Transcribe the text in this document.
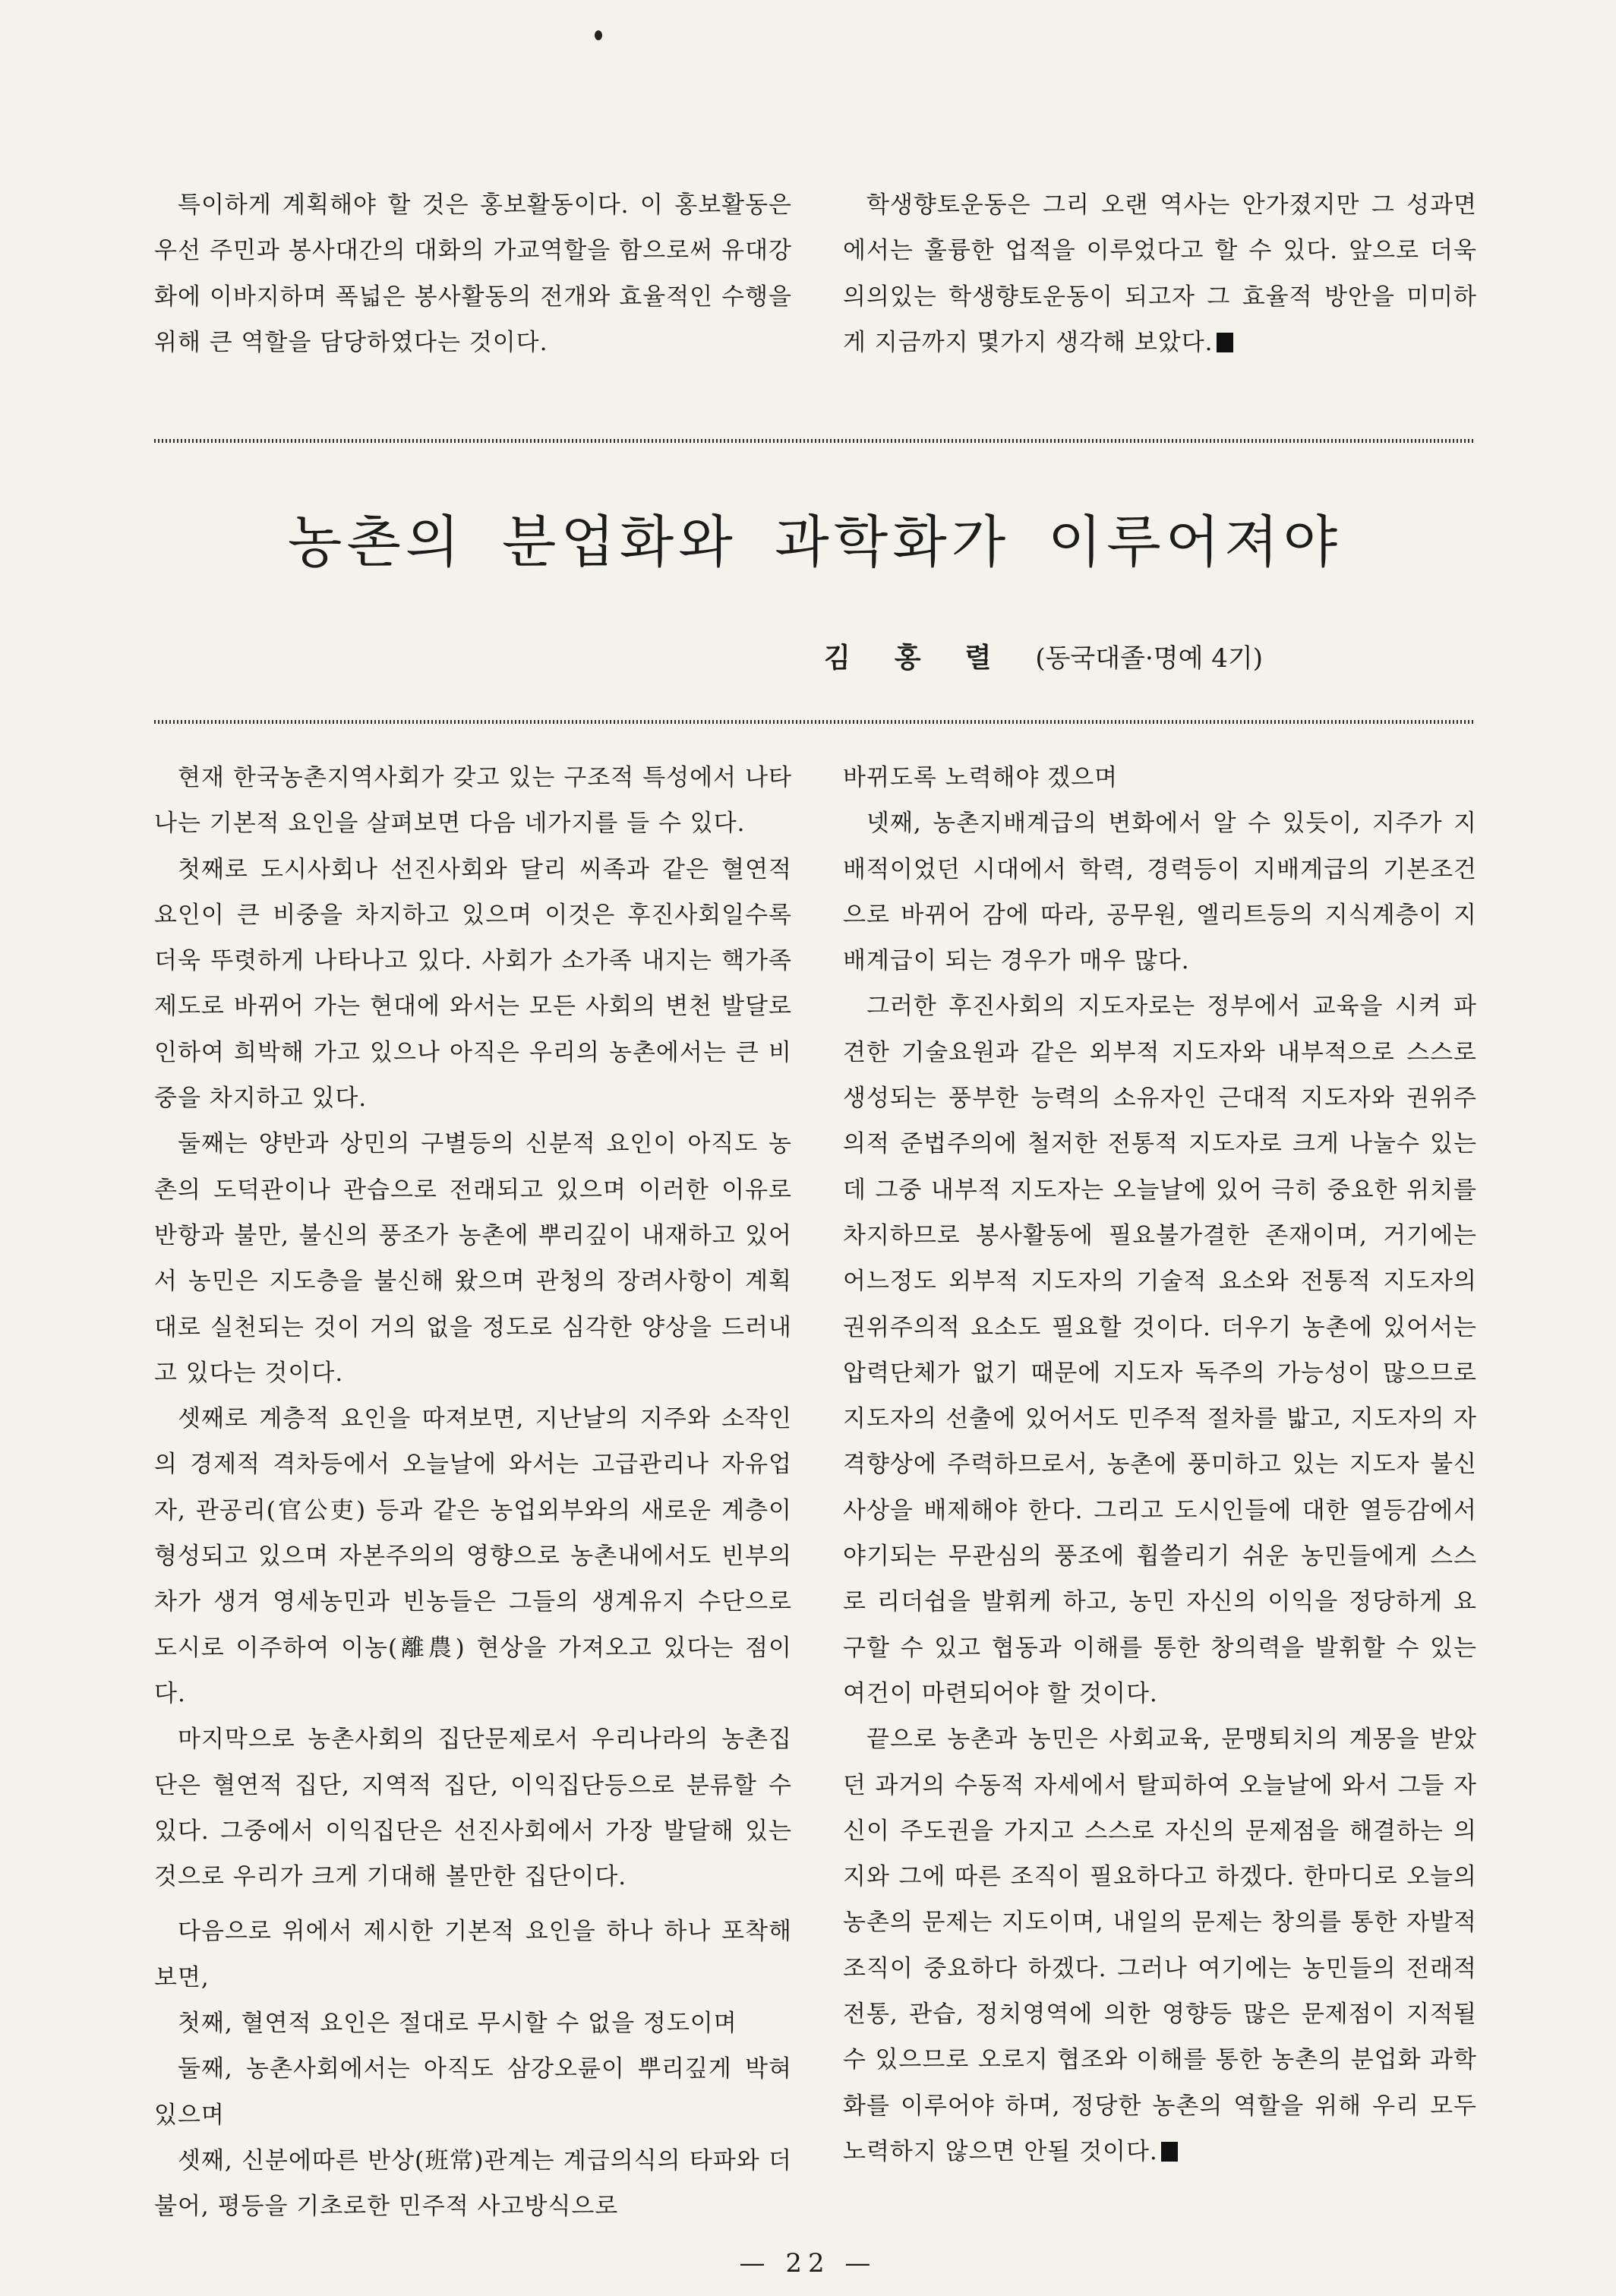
특이하게 계획해야 할 것은 홍보활동이다. 이 홍보활동은 우선 주민과 봉사대간의 대화의 가교역할을 함으로써 유대강화에 이바지하며 폭넓은 봉사활동의 전개와 효율적인 수행을 위해 큰 역할을 담당하였다는 것이다.

학생향토운동은 그리 오랜 역사는 안가졌지만 그 성과면에서는 훌륭한 업적을 이루었다고 할 수 있다. 앞으로 더욱 의의있는 학생향토운동이 되고자 그 효율적 방안을 미미하게 지금까지 몇가지 생각해 보았다.

농촌의 분업화와 과학화가 이루어져야
김홍렬(동국대졸·명예 4기)

현재 한국농촌지역사회가 갖고 있는 구조적 특성에서 나타나는 기본적 요인을 살펴보면 다음 네가지를 들 수 있다.

첫째로 도시사회나 선진사회와 달리 씨족과 같은 혈연적 요인이 큰 비중을 차지하고 있으며 이것은 후진사회일수록 더욱 뚜렷하게 나타나고 있다. 사회가 소가족 내지는 핵가족제도로 바뀌어 가는 현대에 와서는 모든 사회의 변천 발달로 인하여 희박해 가고 있으나 아직은 우리의 농촌에서는 큰 비중을 차지하고 있다.

둘째는 양반과 상민의 구별등의 신분적 요인이 아직도 농촌의 도덕관이나 관습으로 전래되고 있으며 이러한 이유로 반항과 불만, 불신의 풍조가 농촌에 뿌리깊이 내재하고 있어서 농민은 지도층을 불신해 왔으며 관청의 장려사항이 계획대로 실천되는 것이 거의 없을 정도로 심각한 양상을 드러내고 있다는 것이다.

셋째로 계층적 요인을 따져보면, 지난날의 지주와 소작인의 경제적 격차등에서 오늘날에 와서는 고급관리나 자유업자, 관공리(官公吏) 등과 같은 농업외부와의 새로운 계층이 형성되고 있으며 자본주의의 영향으로 농촌내에서도 빈부의 차가 생겨 영세농민과 빈농들은 그들의 생계유지 수단으로 도시로 이주하여 이농(離農) 현상을 가져오고 있다는 점이다.

마지막으로 농촌사회의 집단문제로서 우리나라의 농촌집단은 혈연적 집단, 지역적 집단, 이익집단등으로 분류할 수 있다. 그중에서 이익집단은 선진사회에서 가장 발달해 있는 것으로 우리가 크게 기대해 볼만한 집단이다.

다음으로 위에서 제시한 기본적 요인을 하나 하나 포착해 보면,

첫째, 혈연적 요인은 절대로 무시할 수 없을 정도이며

둘째, 농촌사회에서는 아직도 삼강오륜이 뿌리깊게 박혀 있으며

셋째, 신분에따른 반상(班常)관계는 계급의식의 타파와 더불어, 평등을 기초로한 민주적 사고방식으로

바뀌도록 노력해야 겠으며

넷째, 농촌지배계급의 변화에서 알 수 있듯이, 지주가 지배적이었던 시대에서 학력, 경력등이 지배계급의 기본조건으로 바뀌어 감에 따라, 공무원, 엘리트등의 지식계층이 지배계급이 되는 경우가 매우 많다.

그러한 후진사회의 지도자로는 정부에서 교육을 시켜 파견한 기술요원과 같은 외부적 지도자와 내부적으로 스스로 생성되는 풍부한 능력의 소유자인 근대적 지도자와 권위주의적 준법주의에 철저한 전통적 지도자로 크게 나눌수 있는데 그중 내부적 지도자는 오늘날에 있어 극히 중요한 위치를 차지하므로 봉사활동에 필요불가결한 존재이며, 거기에는 어느정도 외부적 지도자의 기술적 요소와 전통적 지도자의 권위주의적 요소도 필요할 것이다. 더우기 농촌에 있어서는 압력단체가 없기 때문에 지도자 독주의 가능성이 많으므로 지도자의 선출에 있어서도 민주적 절차를 밟고, 지도자의 자격향상에 주력하므로서, 농촌에 풍미하고 있는 지도자 불신사상을 배제해야 한다. 그리고 도시인들에 대한 열등감에서 야기되는 무관심의 풍조에 휩쓸리기 쉬운 농민들에게 스스로 리더쉽을 발휘케 하고, 농민 자신의 이익을 정당하게 요구할 수 있고 협동과 이해를 통한 창의력을 발휘할 수 있는 여건이 마련되어야 할 것이다.

끝으로 농촌과 농민은 사회교육, 문맹퇴치의 계몽을 받았던 과거의 수동적 자세에서 탈피하여 오늘날에 와서 그들 자신이 주도권을 가지고 스스로 자신의 문제점을 해결하는 의지와 그에 따른 조직이 필요하다고 하겠다. 한마디로 오늘의 농촌의 문제는 지도이며, 내일의 문제는 창의를 통한 자발적 조직이 중요하다 하겠다. 그러나 여기에는 농민들의 전래적 전통, 관습, 정치영역에 의한 영향등 많은 문제점이 지적될 수 있으므로 오로지 협조와 이해를 통한 농촌의 분업화 과학화를 이루어야 하며, 정당한 농촌의 역할을 위해 우리 모두 노력하지 않으면 안될 것이다.

— 22 —
